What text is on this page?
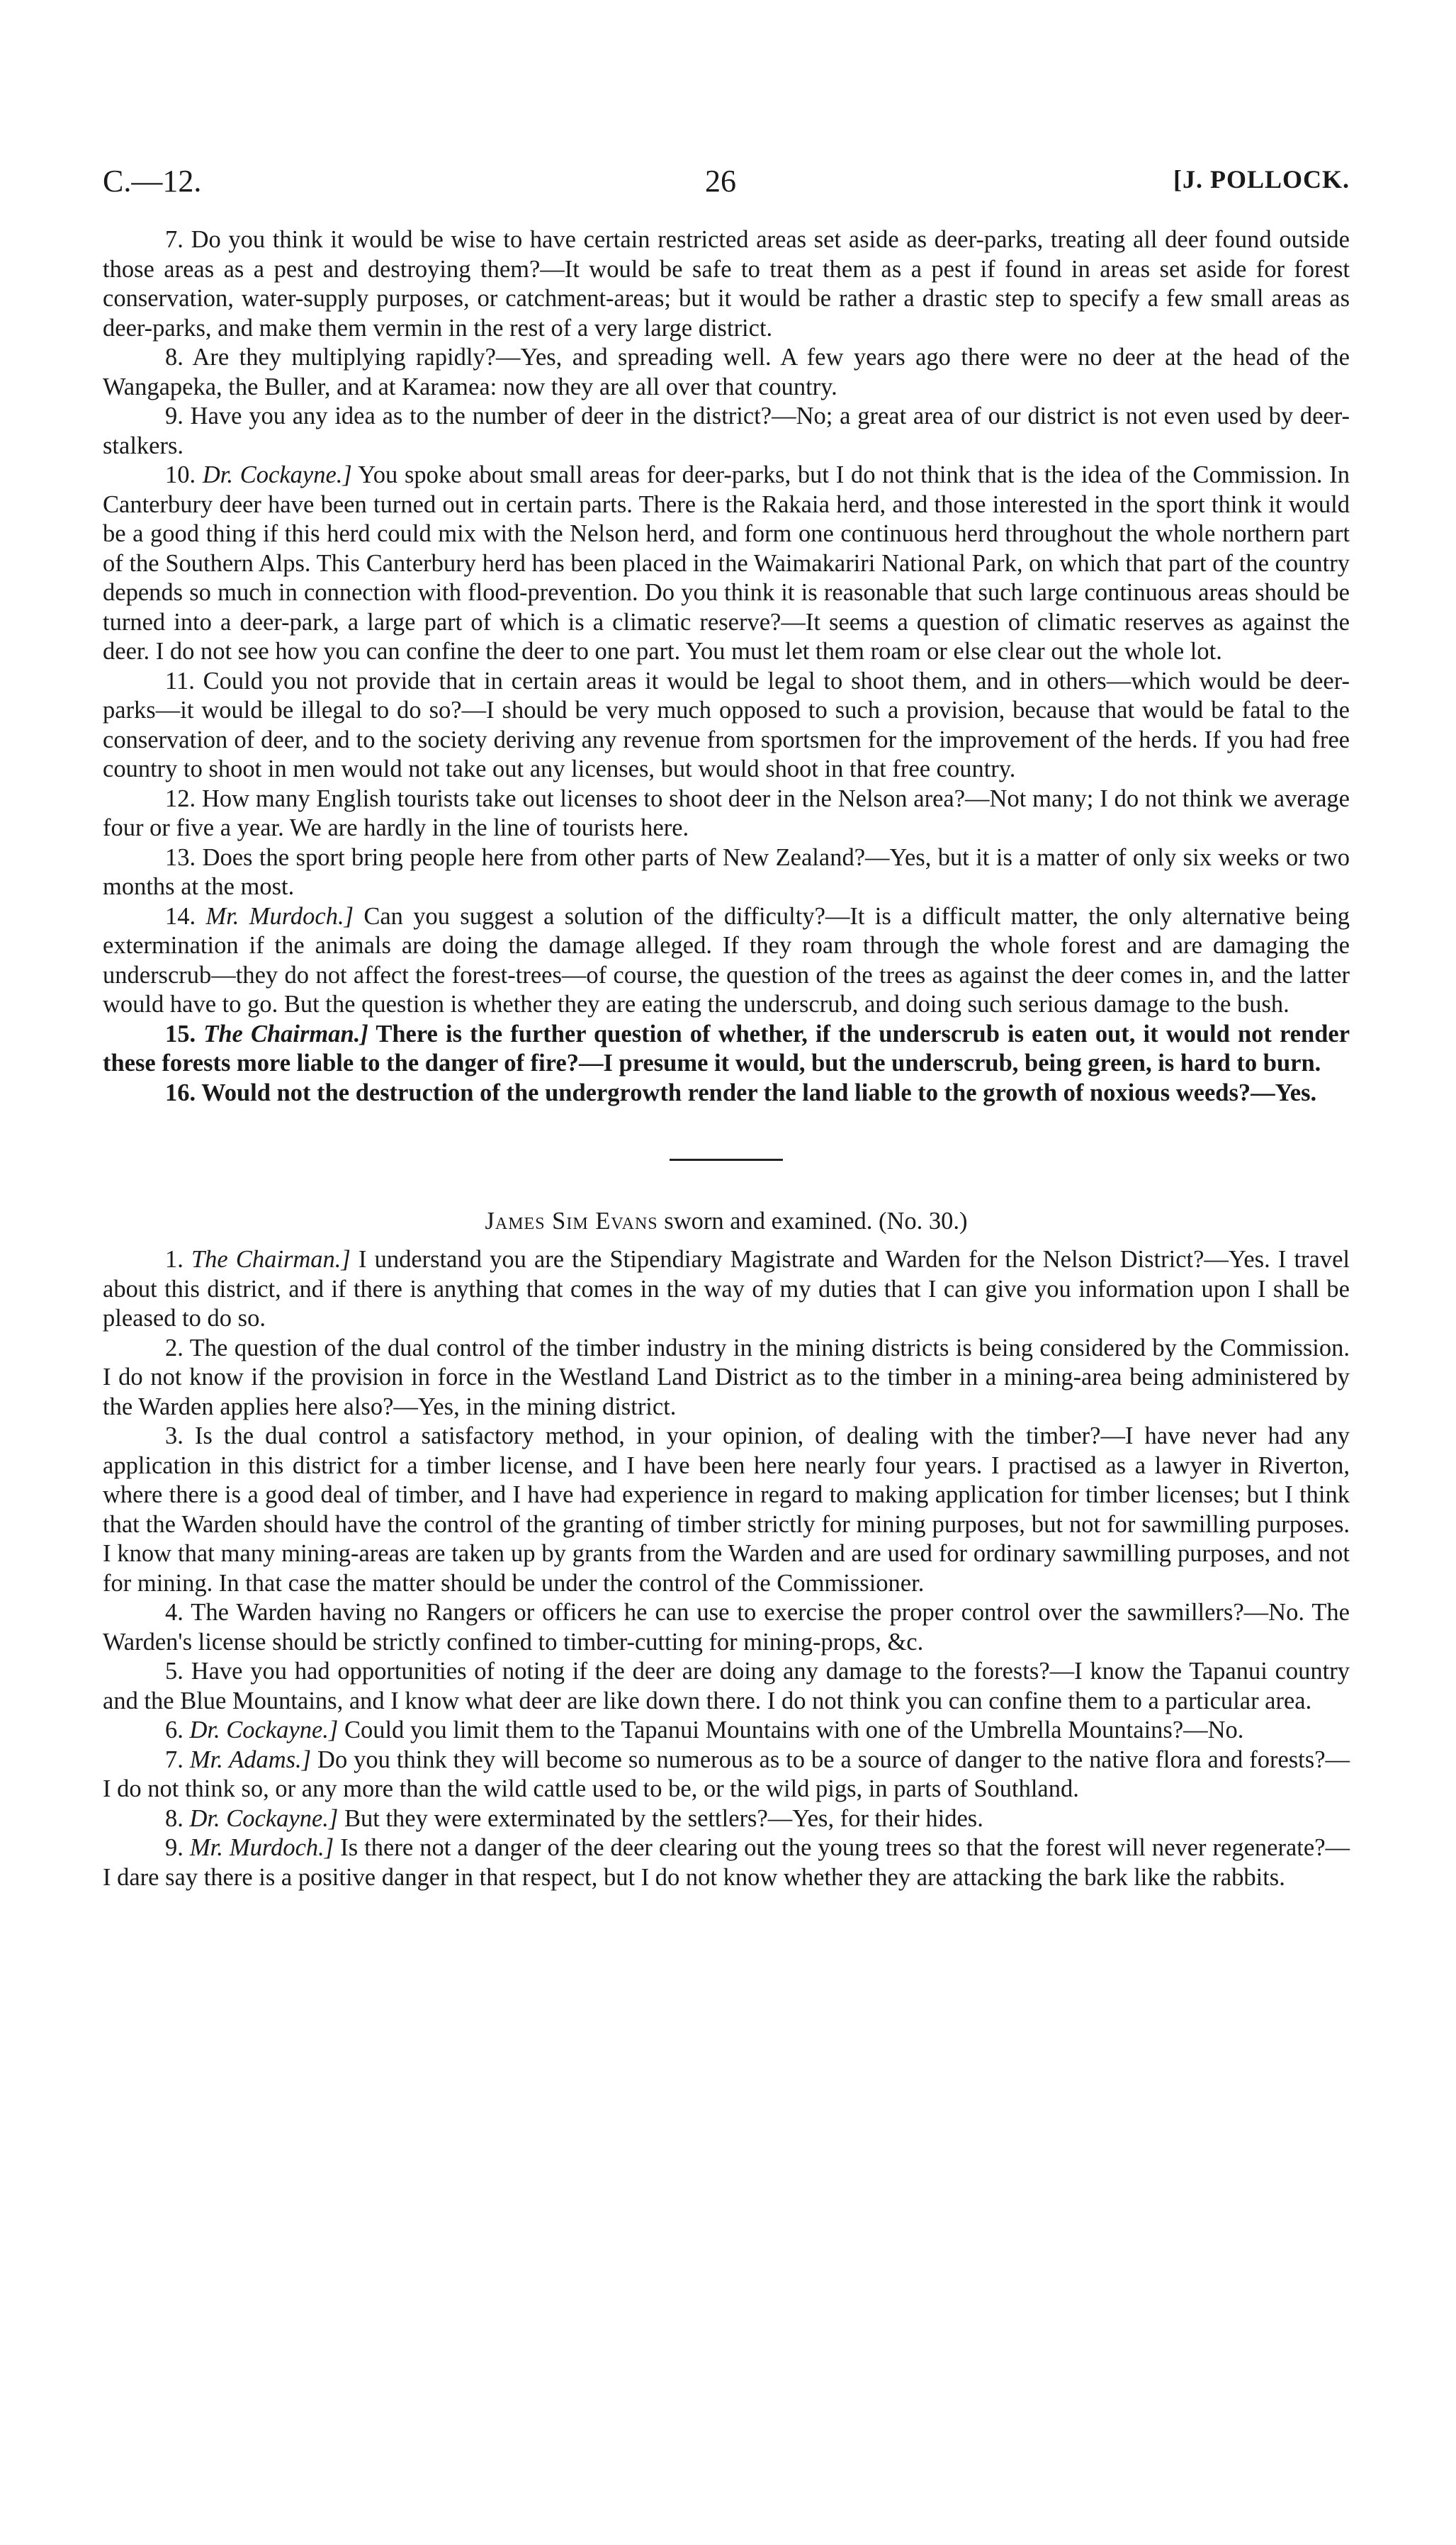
C.—12.	26	[J. POLLOCK.

7. Do you think it would be wise to have certain restricted areas set aside as deer-parks, treating all deer found outside those areas as a pest and destroying them?—It would be safe to treat them as a pest if found in areas set aside for forest conservation, water-supply purposes, or catchment-areas; but it would be rather a drastic step to specify a few small areas as deer-parks, and make them vermin in the rest of a very large district.

8. Are they multiplying rapidly?—Yes, and spreading well. A few years ago there were no deer at the head of the Wangapeka, the Buller, and at Karamea: now they are all over that country.

9. Have you any idea as to the number of deer in the district?—No; a great area of our district is not even used by deer-stalkers.

10. Dr. Cockayne.] You spoke about small areas for deer-parks, but I do not think that is the idea of the Commission. In Canterbury deer have been turned out in certain parts. There is the Rakaia herd, and those interested in the sport think it would be a good thing if this herd could mix with the Nelson herd, and form one continuous herd throughout the whole northern part of the Southern Alps. This Canterbury herd has been placed in the Waimakariri National Park, on which that part of the country depends so much in connection with flood-prevention. Do you think it is reasonable that such large continuous areas should be turned into a deer-park, a large part of which is a climatic reserve?—It seems a question of climatic reserves as against the deer. I do not see how you can confine the deer to one part. You must let them roam or else clear out the whole lot.

11. Could you not provide that in certain areas it would be legal to shoot them, and in others—which would be deer-parks—it would be illegal to do so?—I should be very much opposed to such a provision, because that would be fatal to the conservation of deer, and to the society deriving any revenue from sportsmen for the improvement of the herds. If you had free country to shoot in men would not take out any licenses, but would shoot in that free country.

12. How many English tourists take out licenses to shoot deer in the Nelson area?—Not many; I do not think we average four or five a year. We are hardly in the line of tourists here.

13. Does the sport bring people here from other parts of New Zealand?—Yes, but it is a matter of only six weeks or two months at the most.

14. Mr. Murdoch.] Can you suggest a solution of the difficulty?—It is a difficult matter, the only alternative being extermination if the animals are doing the damage alleged. If they roam through the whole forest and are damaging the underscrub—they do not affect the forest-trees—of course, the question of the trees as against the deer comes in, and the latter would have to go. But the question is whether they are eating the underscrub, and doing such serious damage to the bush.

15. The Chairman.] There is the further question of whether, if the underscrub is eaten out, it would not render these forests more liable to the danger of fire?—I presume it would, but the underscrub, being green, is hard to burn.

16. Would not the destruction of the undergrowth render the land liable to the growth of noxious weeds?—Yes.

James Sim Evans sworn and examined. (No. 30.)

1. The Chairman.] I understand you are the Stipendiary Magistrate and Warden for the Nelson District?—Yes. I travel about this district, and if there is anything that comes in the way of my duties that I can give you information upon I shall be pleased to do so.

2. The question of the dual control of the timber industry in the mining districts is being considered by the Commission. I do not know if the provision in force in the Westland Land District as to the timber in a mining-area being administered by the Warden applies here also?—Yes, in the mining district.

3. Is the dual control a satisfactory method, in your opinion, of dealing with the timber?—I have never had any application in this district for a timber license, and I have been here nearly four years. I practised as a lawyer in Riverton, where there is a good deal of timber, and I have had experience in regard to making application for timber licenses; but I think that the Warden should have the control of the granting of timber strictly for mining purposes, but not for sawmilling purposes. I know that many mining-areas are taken up by grants from the Warden and are used for ordinary sawmilling purposes, and not for mining. In that case the matter should be under the control of the Commissioner.

4. The Warden having no Rangers or officers he can use to exercise the proper control over the sawmillers?—No. The Warden's license should be strictly confined to timber-cutting for mining-props, &c.

5. Have you had opportunities of noting if the deer are doing any damage to the forests?—I know the Tapanui country and the Blue Mountains, and I know what deer are like down there. I do not think you can confine them to a particular area.

6. Dr. Cockayne.] Could you limit them to the Tapanui Mountains with one of the Umbrella Mountains?—No.

7. Mr. Adams.] Do you think they will become so numerous as to be a source of danger to the native flora and forests?—I do not think so, or any more than the wild cattle used to be, or the wild pigs, in parts of Southland.

8. Dr. Cockayne.] But they were exterminated by the settlers?—Yes, for their hides.

9. Mr. Murdoch.] Is there not a danger of the deer clearing out the young trees so that the forest will never regenerate?—I dare say there is a positive danger in that respect, but I do not know whether they are attacking the bark like the rabbits.
